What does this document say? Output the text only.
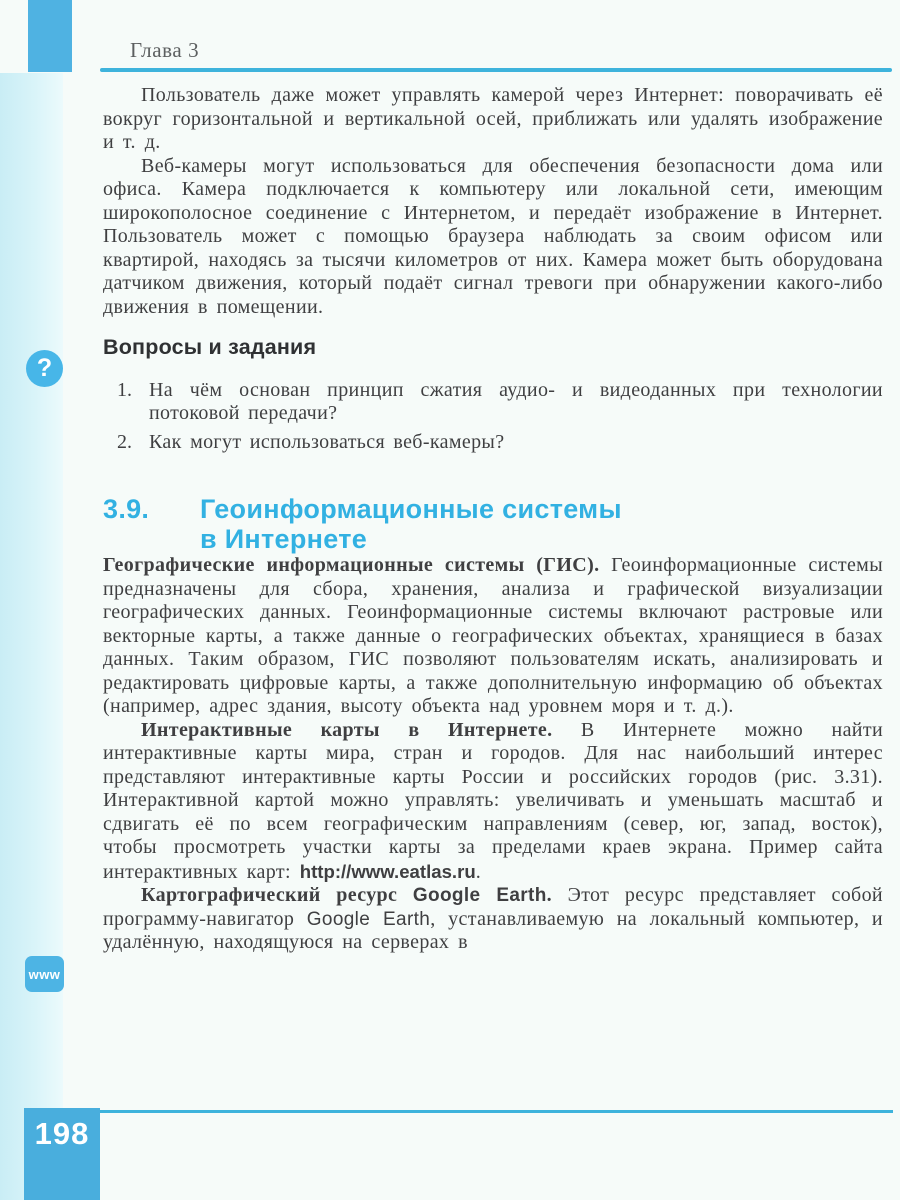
Глава 3
?
www

Пользователь даже может управлять камерой через Интернет: поворачивать её вокруг горизонтальной и вертикальной осей, приближать или удалять изображение и т. д.

Веб-камеры могут использоваться для обеспечения безопасности дома или офиса. Камера подключается к компьютеру или локальной сети, имеющим широкополосное соединение с Интернетом, и передаёт изображение в Интернет. Пользователь может с помощью браузера наблюдать за своим офисом или квартирой, находясь за тысячи километров от них. Камера может быть оборудована датчиком движения, который подаёт сигнал тревоги при обнаружении какого-либо движения в помещении.

Вопросы и задания
1. На чём основан принцип сжатия аудио- и видеоданных при технологии потоковой передачи?
2. Как могут использоваться веб-камеры?
3.9.	Геоинформационные системы
в Интернете

Географические информационные системы (ГИС). Геоинформационные системы предназначены для сбора, хранения, анализа и графической визуализации географических данных. Геоинформационные системы включают растровые или векторные карты, а также данные о географических объектах, хранящиеся в базах данных. Таким образом, ГИС позволяют пользователям искать, анализировать и редактировать цифровые карты, а также дополнительную информацию об объектах (например, адрес здания, высоту объекта над уровнем моря и т. д.).

Интерактивные карты в Интернете. В Интернете можно найти интерактивные карты мира, стран и городов. Для нас наибольший интерес представляют интерактивные карты России и российских городов (рис. 3.31). Интерактивной картой можно управлять: увеличивать и уменьшать масштаб и сдвигать её по всем географическим направлениям (север, юг, запад, восток), чтобы просмотреть участки карты за пределами краев экрана. Пример сайта интерактивных карт: http://www.eatlas.ru.

Картографический ресурс Google Earth. Этот ресурс представляет собой программу-навигатор Google Earth, устанавливаемую на локальный компьютер, и удалённую, находящуюся на серверах в

198
